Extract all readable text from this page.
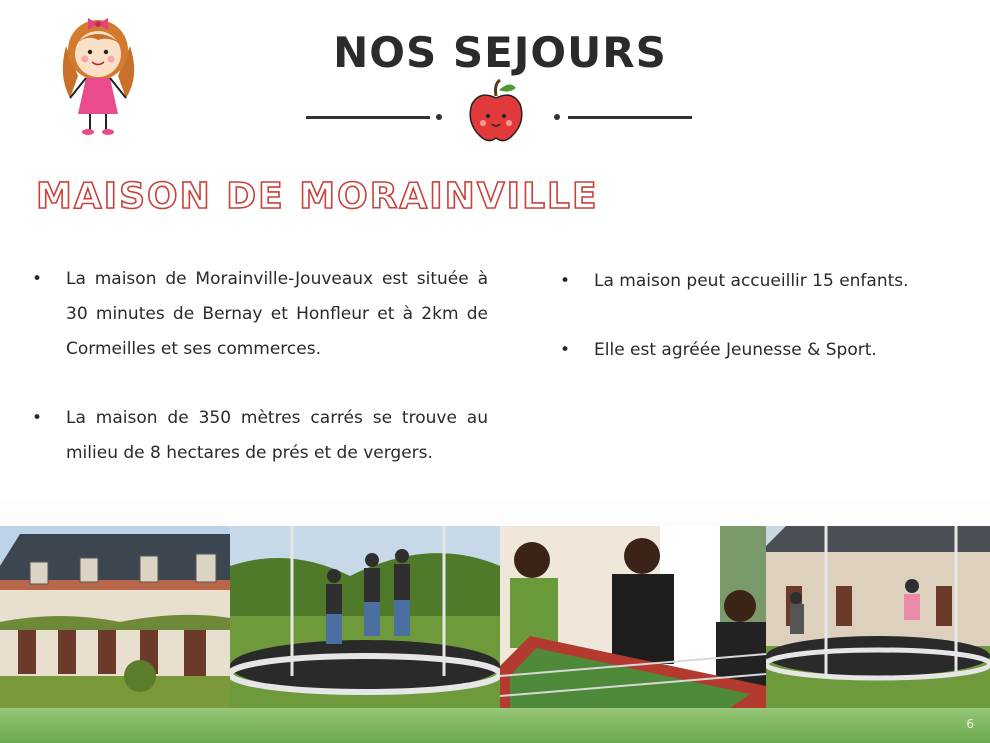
NOS SEJOURS
MAISON DE MORAINVILLE
• La maison de Morainville-Jouveaux est située à 30 minutes de Bernay et Honfleur et à 2km de Cormeilles et ses commerces.
• La maison de 350 mètres carrés se trouve au milieu de 8 hectares de prés et de vergers.
• La maison peut accueillir 15 enfants.
• Elle est agréée Jeunesse & Sport.
6
